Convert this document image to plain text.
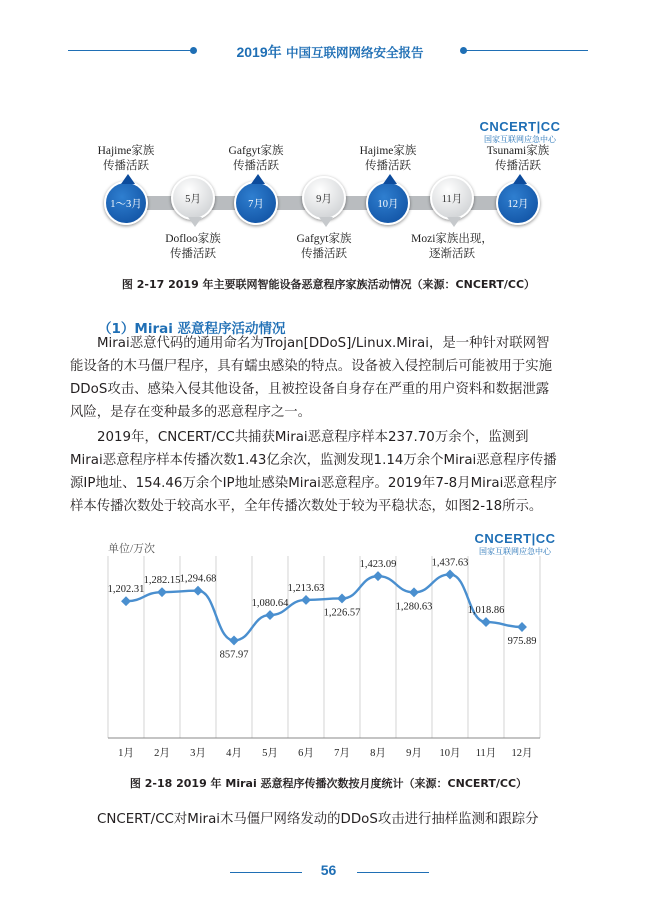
2019年 中国互联网网络安全报告
CNCERT|CC
国家互联网应急中心
1～3月	5月	7月	9月	10月	11月	12月
Hajime家族
传播活跃
Gafgyt家族
传播活跃
Hajime家族
传播活跃
Tsunami家族
传播活跃
Dofloo家族
传播活跃
Gafgyt家族
传播活跃
Mozi家族出现，
逐渐活跃
图 2-17 2019 年主要联网智能设备恶意程序家族活动情况（来源：CNCERT/CC）
（1）Mirai 恶意程序活动情况
Mirai恶意代码的通用命名为Trojan[DDoS]/Linux.Mirai，是一种针对联网智
能设备的木马僵尸程序，具有蠕虫感染的特点。设备被入侵控制后可能被用于实施
DDoS攻击、感染入侵其他设备，且被控设备自身存在严重的用户资料和数据泄露
风险，是存在变种最多的恶意程序之一。
2019年，CNCERT/CC共捕获Mirai恶意程序样本237.70万余个，监测到
Mirai恶意程序样本传播次数1.43亿余次，监测发现1.14万余个Mirai恶意程序传播
源IP地址、154.46万余个IP地址感染Mirai恶意程序。2019年7-8月Mirai恶意程序
样本传播次数处于较高水平，全年传播次数处于较为平稳状态，如图2-18所示。
单位/万次
CNCERT|CC
国家互联网应急中心
1,202.31
1,282.15 1,294.68
857.97
1,080.64
1,213.63
1,226.57
1,423.09
1,280.63
1,437.63
1,018.86
975.89
1月 2月 3月 4月 5月 6月 7月 8月 9月 10月 11月 12月
图 2-18 2019 年 Mirai 恶意程序传播次数按月度统计（来源：CNCERT/CC）
CNCERT/CC对Mirai木马僵尸网络发动的DDoS攻击进行抽样监测和跟踪分
56
